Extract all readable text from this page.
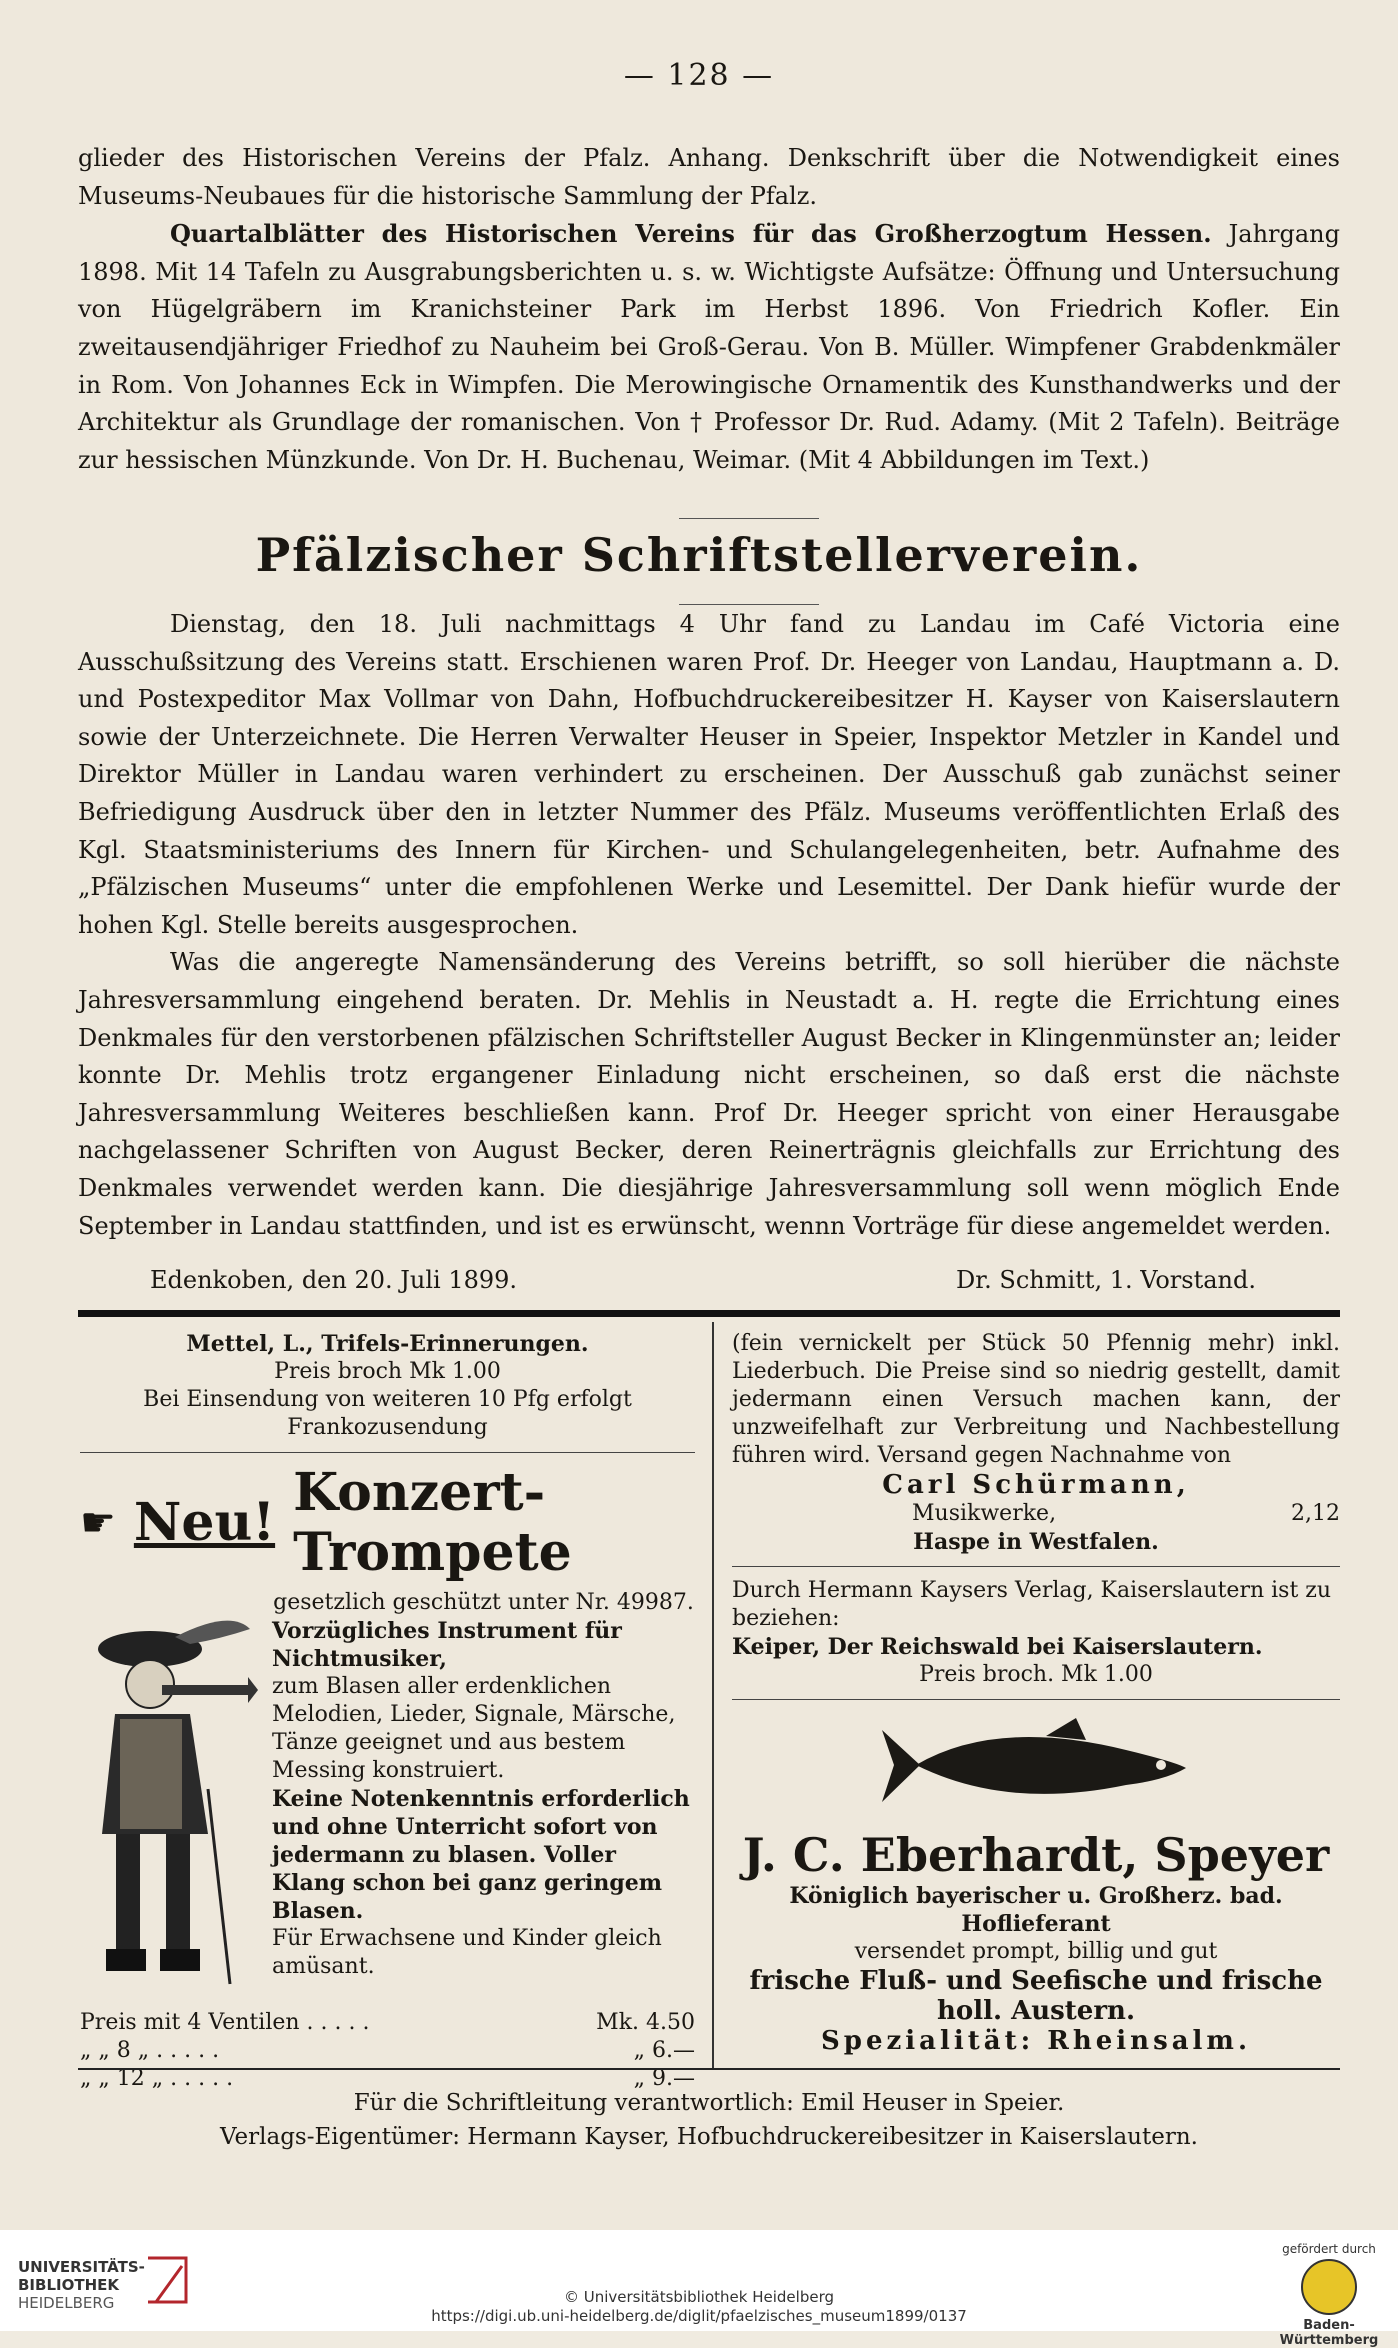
— 128 —

glieder des Historischen Vereins der Pfalz. Anhang. Denkschrift über die Notwendigkeit eines Museums-Neubaues für die historische Sammlung der Pfalz.

Quartalblätter des Historischen Vereins für das Großherzogtum Hessen. Jahrgang 1898. Mit 14 Tafeln zu Ausgrabungsberichten u. s. w. Wichtigste Aufsätze: Öffnung und Untersuchung von Hügelgräbern im Kranichsteiner Park im Herbst 1896. Von Friedrich Kofler. Ein zweitausendjähriger Friedhof zu Nauheim bei Groß-Gerau. Von B. Müller. Wimpfener Grabdenkmäler in Rom. Von Johannes Eck in Wimpfen. Die Merowingische Ornamentik des Kunsthandwerks und der Architektur als Grundlage der romanischen. Von † Professor Dr. Rud. Adamy. (Mit 2 Tafeln). Beiträge zur hessischen Münzkunde. Von Dr. H. Buchenau, Weimar. (Mit 4 Abbildungen im Text.)

Pfälzischer Schriftstellerverein.

Dienstag, den 18. Juli nachmittags 4 Uhr fand zu Landau im Café Victoria eine Ausschußsitzung des Vereins statt. Erschienen waren Prof. Dr. Heeger von Landau, Hauptmann a. D. und Postexpeditor Max Vollmar von Dahn, Hofbuchdruckereibesitzer H. Kayser von Kaiserslautern sowie der Unterzeichnete. Die Herren Verwalter Heuser in Speier, Inspektor Metzler in Kandel und Direktor Müller in Landau waren verhindert zu erscheinen. Der Ausschuß gab zunächst seiner Befriedigung Ausdruck über den in letzter Nummer des Pfälz. Museums veröffentlichten Erlaß des Kgl. Staatsministeriums des Innern für Kirchen- und Schulangelegenheiten, betr. Aufnahme des „Pfälzischen Museums“ unter die empfohlenen Werke und Lesemittel. Der Dank hiefür wurde der hohen Kgl. Stelle bereits ausgesprochen.

Was die angeregte Namensänderung des Vereins betrifft, so soll hierüber die nächste Jahresversammlung eingehend beraten. Dr. Mehlis in Neustadt a. H. regte die Errichtung eines Denkmales für den verstorbenen pfälzischen Schriftsteller August Becker in Klingenmünster an; leider konnte Dr. Mehlis trotz ergangener Einladung nicht erscheinen, so daß erst die nächste Jahresversammlung Weiteres beschließen kann. Prof Dr. Heeger spricht von einer Herausgabe nachgelassener Schriften von August Becker, deren Reinerträgnis gleichfalls zur Errichtung des Denkmales verwendet werden kann. Die diesjährige Jahresversammlung soll wenn möglich Ende September in Landau stattfinden, und ist es erwünscht, wennn Vorträge für diese angemeldet werden.

Edenkoben, den 20. Juli 1899.	Dr. Schmitt, 1. Vorstand.
Mettel, L., Trifels-Erinnerungen.
Preis broch Mk 1.00
Bei Einsendung von weiteren 10 Pfg erfolgt Frankozusendung
☛ Neu! Konzert-Trompete
gesetzlich geschützt unter Nr. 49987.
Vorzügliches Instrument für Nichtmusiker,
zum Blasen aller erdenklichen Melodien, Lieder, Signale, Märsche, Tänze geeignet und aus bestem Messing konstruiert.
Keine Notenkenntnis erforderlich und ohne Unterricht sofort von jedermann zu blasen. Voller Klang schon bei ganz geringem Blasen.
Für Erwachsene und Kinder gleich amüsant.
Preis mit 4 Ventilen . . . . .	Mk. 4.50
„ „ 8 „ . . . . .	„ 6.—
„ „ 12 „ . . . . .	„ 9.—
(fein vernickelt per Stück 50 Pfennig mehr) inkl. Liederbuch. Die Preise sind so niedrig gestellt, damit jedermann einen Versuch machen kann, der unzweifelhaft zur Verbreitung und Nachbestellung führen wird. Versand gegen Nachnahme von
Carl Schürmann,
Musikwerke,	2,12
Haspe in Westfalen.
Durch Hermann Kaysers Verlag, Kaiserslautern ist zu beziehen:
Keiper, Der Reichswald bei Kaiserslautern.
Preis broch. Mk 1.00
J. C. Eberhardt, Speyer
Königlich bayerischer u. Großherz. bad. Hoflieferant
versendet prompt, billig und gut
frische Fluß- und Seefische und frische
holl. Austern.
Spezialität: Rheinsalm.
Für die Schriftleitung verantwortlich: Emil Heuser in Speier.
Verlags-Eigentümer: Hermann Kayser, Hofbuchdruckereibesitzer in Kaiserslautern.
UNIVERSITÄTS-
BIBLIOTHEK
HEIDELBERG	© Universitätsbibliothek Heidelberg
https://digi.ub.uni-heidelberg.de/diglit/pfaelzisches_museum1899/0137
gefördert durch
Baden-Württemberg
